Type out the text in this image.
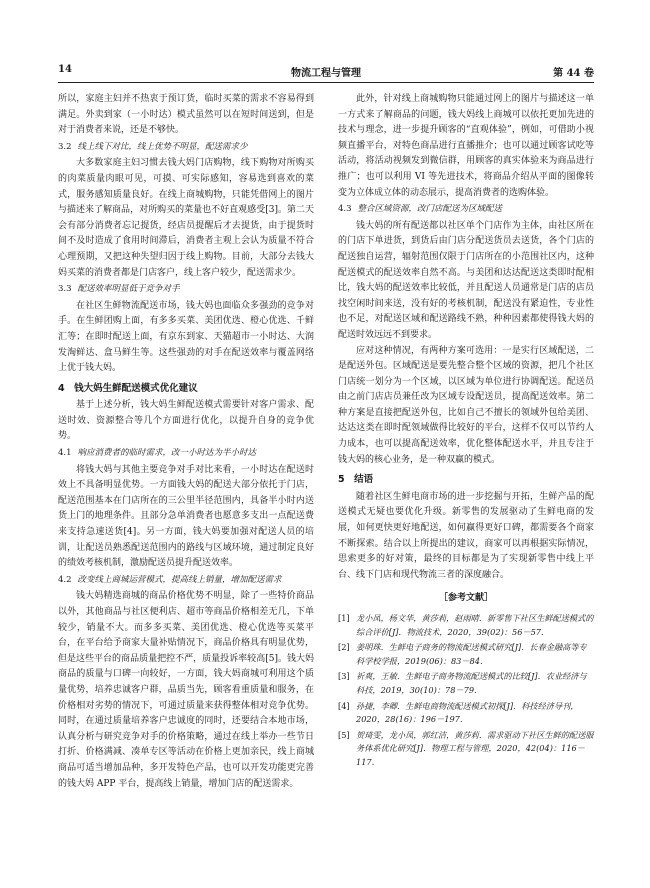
14	物流工程与管理	第 44 卷

所以，家庭主妇并不热衷于预订货，临时买菜的需求不容易得到满足。外卖到家（一小时达）模式虽然可以在短时间送到，但是对于消费者来说，还是不够快。

3.2 线上线下对比，线上优势不明显，配送需求少

大多数家庭主妇习惯去钱大妈门店购物，线下购物对所购买的肉菜质量肉眼可见，可摸、可实际感知，容易选到喜欢的菜式，服务感知质量良好。在线上商城购物，只能凭借网上的图片与描述来了解商品，对所购买的菜量也不好直观感受[3]。第二天会有部分消费者忘记提货，经店员提醒后才去提货，由于提货时间不及时造成了食用时间滞后，消费者主观上会认为质量不符合心理预期，又把这种失望归因于线上购物。目前，大部分去钱大妈买菜的消费者都是门店客户，线上客户较少，配送需求少。

3.3 配送效率明显低于竞争对手

在社区生鲜物流配送市场，钱大妈也面临众多强劲的竞争对手。在生鲜团购上面，有多多买菜、美团优选、橙心优选、千鲜汇等；在即时配送上面，有京东到家、天猫超市一小时达、大润发淘鲜达、盒马鲜生等。这些强劲的对手在配送效率与覆盖网络上优于钱大妈。

4　钱大妈生鲜配送模式优化建议

基于上述分析，钱大妈生鲜配送模式需要针对客户需求、配送时效、资源整合等几个方面进行优化，以提升自身的竞争优势。

4.1 响应消费者的临时需求，改一小时达为半小时达

将钱大妈与其他主要竞争对手对比来看，一小时达在配送时效上不具备明显优势。一方面钱大妈的配送大部分依托于门店，配送范围基本在门店所在的三公里半径范围内，具备半小时内送货上门的地理条件。且部分急单消费者也愿意多支出一点配送费来支持急速送货[4]。另一方面，钱大妈要加强对配送人员的培训，让配送员熟悉配送范围内的路线与区域环境，通过制定良好的绩效考核机制，激励配送员提升配送效率。

4.2 改变线上商城运营模式，提高线上销量，增加配送需求

钱大妈精选商城的商品价格优势不明显，除了一些特价商品以外，其他商品与社区便利店、超市等商品价格相差无几，下单较少，销量不大。而多多买菜、美团优选、橙心优选等买菜平台，在平台给予商家大量补贴情况下，商品价格具有明显优势，但是这些平台的商品质量把控不严，质量投诉率较高[5]。钱大妈商品的质量与口碑一向较好，一方面，钱大妈商城可利用这个质量优势，培养忠诚客户群，品质当先，顾客看重质量和服务，在价格相对劣势的情况下，可通过质量来获得整体相对竞争优势。同时，在通过质量培养客户忠诚度的同时，还要结合本地市场，认真分析与研究竞争对手的价格策略，通过在线上举办一些节日打折、价格满减、凑单专区等活动在价格上更加亲民，线上商城商品可适当增加品种，多开发特色产品，也可以开发功能更完善的钱大妈 APP 平台，提高线上销量，增加门店的配送需求。

此外，针对线上商城购物只能通过网上的图片与描述这一单一方式来了解商品的问题，钱大妈线上商城可以依托更加先进的技术与理念，进一步提升顾客的“直观体验”，例如，可借助小视频直播平台，对特色商品进行直播推介；也可以通过顾客试吃等活动，将活动视频发到微信群，用顾客的真实体验来为商品进行推广；也可以利用 VI 等先进技术，将商品介绍从平面的图像转变为立体成立体的动态展示，提高消费者的选购体验。

4.3 整合区域资源，改门店配送为区域配送

钱大妈的所有配送都以社区单个门店作为主体，由社区所在的门店下单进货，到货后由门店分配送货员去送货，各个门店的配送独自运营，辐射范围仅限于门店所在的小范围社区内，这种配送模式的配送效率自然不高。与美团和达达配送这类即时配相比，钱大妈的配送效率比较低，并且配送人员通常是门店的店员找空闲时间来送，没有好的考核机制，配送没有紧迫性，专业性也不足，对配送区域和配送路线不熟，种种因素都使得钱大妈的配送时效远远不到要求。

应对这种情况，有两种方案可选用：一是实行区域配送，二是配送外包。区域配送是要先整合整个区域的资源，把几个社区门店统一划分为一个区域，以区域为单位进行协调配送。配送员由之前门店店员兼任改为区域专设配送员，提高配送效率。第二种方案是直接把配送外包，比如自己不擅长的领域外包给美团、达达这类在即时配领域做得比较好的平台，这样不仅可以节约人力成本，也可以提高配送效率，优化整体配送水平，并且专注于钱大妈的核心业务，是一种双赢的模式。

5　结语

随着社区生鲜电商市场的进一步挖掘与开拓，生鲜产品的配送模式无疑也要优化升级。新零售的发展驱动了生鲜电商的发展，如何更快更好地配送，如何赢得更好口碑，都需要各个商家不断探索。结合以上所提出的建议，商家可以再根据实际情况，思索更多的好对策，最终的目标都是为了实现新零售中线上平台、线下门店和现代物流三者的深度融合。

［参考文献］
[1] 龙小凤，杨文华，黄莎莉，赵雨晴．新零售下社区生鲜配送模式的综合评价[J]．物流技术，2020，39(02)：56－57．
[2] 姜明珠．生鲜电子商务的物流配送模式研究[J]．长春金融高等专科学校学报，2019(06)：83－84．
[3] 祈爽，王敏．生鲜电子商务物流配送模式的比较[J]．农业经济与科技，2019，30(10)：78－79．
[4] 孙捷，李卿．生鲜电商物流配送模式初探[J]．科技经济导刊，2020，28(16)：196－197．
[5] 贺琦雯，龙小凤，郭红洁，黄莎莉．需求驱动下社区生鲜的配送服务体系优化研究[J]．物理工程与管理，2020，42(04)：116－117．
